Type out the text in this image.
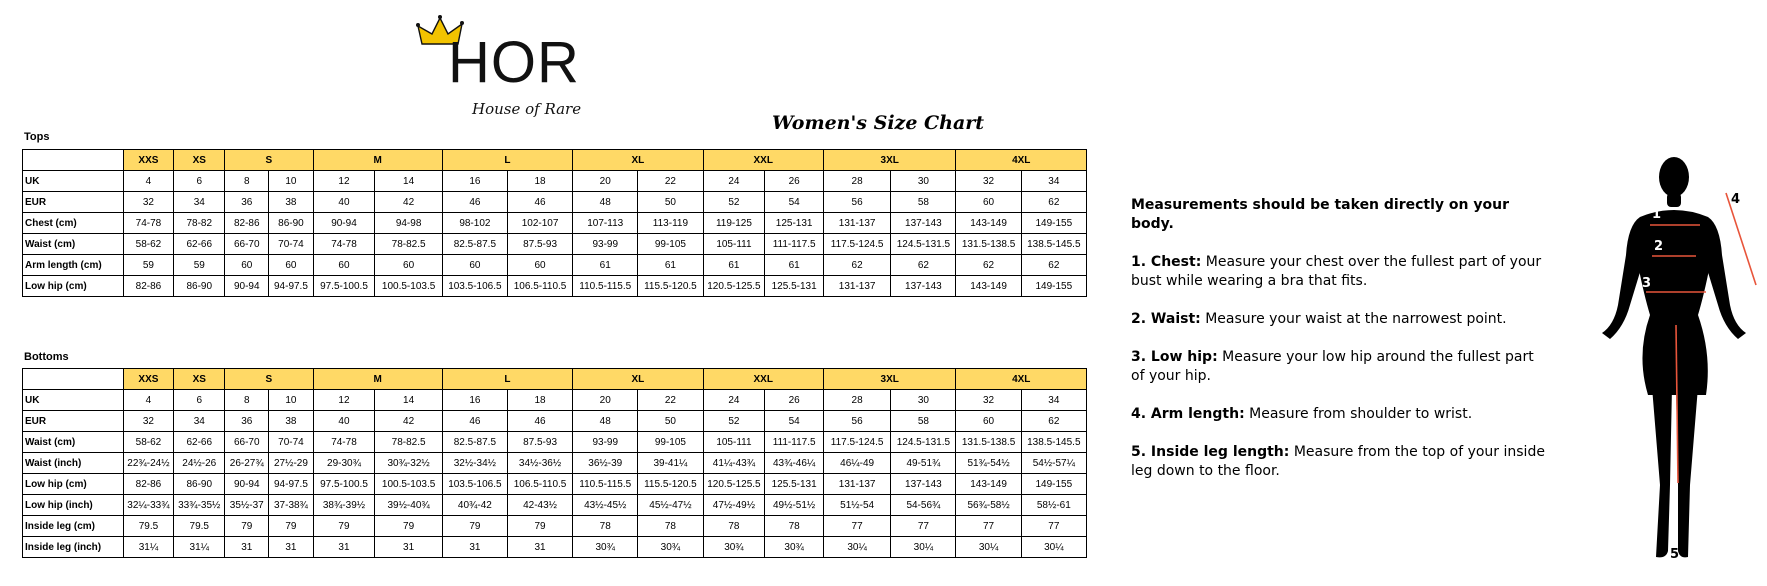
HOR
House of Rare
Women's Size Chart
Tops
	XXS	XS	S		M		L		XL		XXL		3XL		4XL	
UK	4	6	8	10	12	14	16	18	20	22	24	26	28	30	32	34
EUR	32	34	36	38	40	42	46	46	48	50	52	54	56	58	60	62
Chest (cm)	74-78	78-82	82-86	86-90	90-94	94-98	98-102	102-107	107-113	113-119	119-125	125-131	131-137	137-143	143-149	149-155
Waist (cm)	58-62	62-66	66-70	70-74	74-78	78-82.5	82.5-87.5	87.5-93	93-99	99-105	105-111	111-117.5	117.5-124.5	124.5-131.5	131.5-138.5	138.5-145.5
Arm length (cm)	59	59	60	60	60	60	60	60	61	61	61	61	62	62	62	62
Low hip (cm)	82-86	86-90	90-94	94-97.5	97.5-100.5	100.5-103.5	103.5-106.5	106.5-110.5	110.5-115.5	115.5-120.5	120.5-125.5	125.5-131	131-137	137-143	143-149	149-155
Bottoms
	XXS	XS	S		M		L		XL		XXL		3XL		4XL	
UK	4	6	8	10	12	14	16	18	20	22	24	26	28	30	32	34
EUR	32	34	36	38	40	42	46	46	48	50	52	54	56	58	60	62
Waist (cm)	58-62	62-66	66-70	70-74	74-78	78-82.5	82.5-87.5	87.5-93	93-99	99-105	105-111	111-117.5	117.5-124.5	124.5-131.5	131.5-138.5	138.5-145.5
Waist (inch)	22¾-24½	24½-26	26-27¾	27½-29	29-30¾	30¾-32½	32½-34½	34½-36½	36½-39	39-41¼	41¼-43¾	43¾-46¼	46¼-49	49-51¾	51¾-54½	54½-57¼
Low hip (cm)	82-86	86-90	90-94	94-97.5	97.5-100.5	100.5-103.5	103.5-106.5	106.5-110.5	110.5-115.5	115.5-120.5	120.5-125.5	125.5-131	131-137	137-143	143-149	149-155
Low hip (inch)	32¼-33¾	33¾-35½	35½-37	37-38¾	38¾-39½	39½-40¾	40¾-42	42-43½	43½-45½	45½-47½	47½-49½	49½-51½	51½-54	54-56¾	56¾-58½	58½-61
Inside leg (cm)	79.5	79.5	79	79	79	79	79	79	78	78	78	78	77	77	77	77
Inside leg (inch)	31¼	31¼	31	31	31	31	31	31	30¾	30¾	30¾	30¾	30¼	30¼	30¼	30¼

Measurements should be taken directly on your body.

1. Chest: Measure your chest over the fullest part of your bust while wearing a bra that fits.

2. Waist: Measure your waist at the narrowest point.

3. Low hip: Measure your low hip around the fullest part of your hip.

4. Arm length: Measure from shoulder to wrist.

5. Inside leg length: Measure from the top of your inside leg down to the floor.

1
2
3
4
5
